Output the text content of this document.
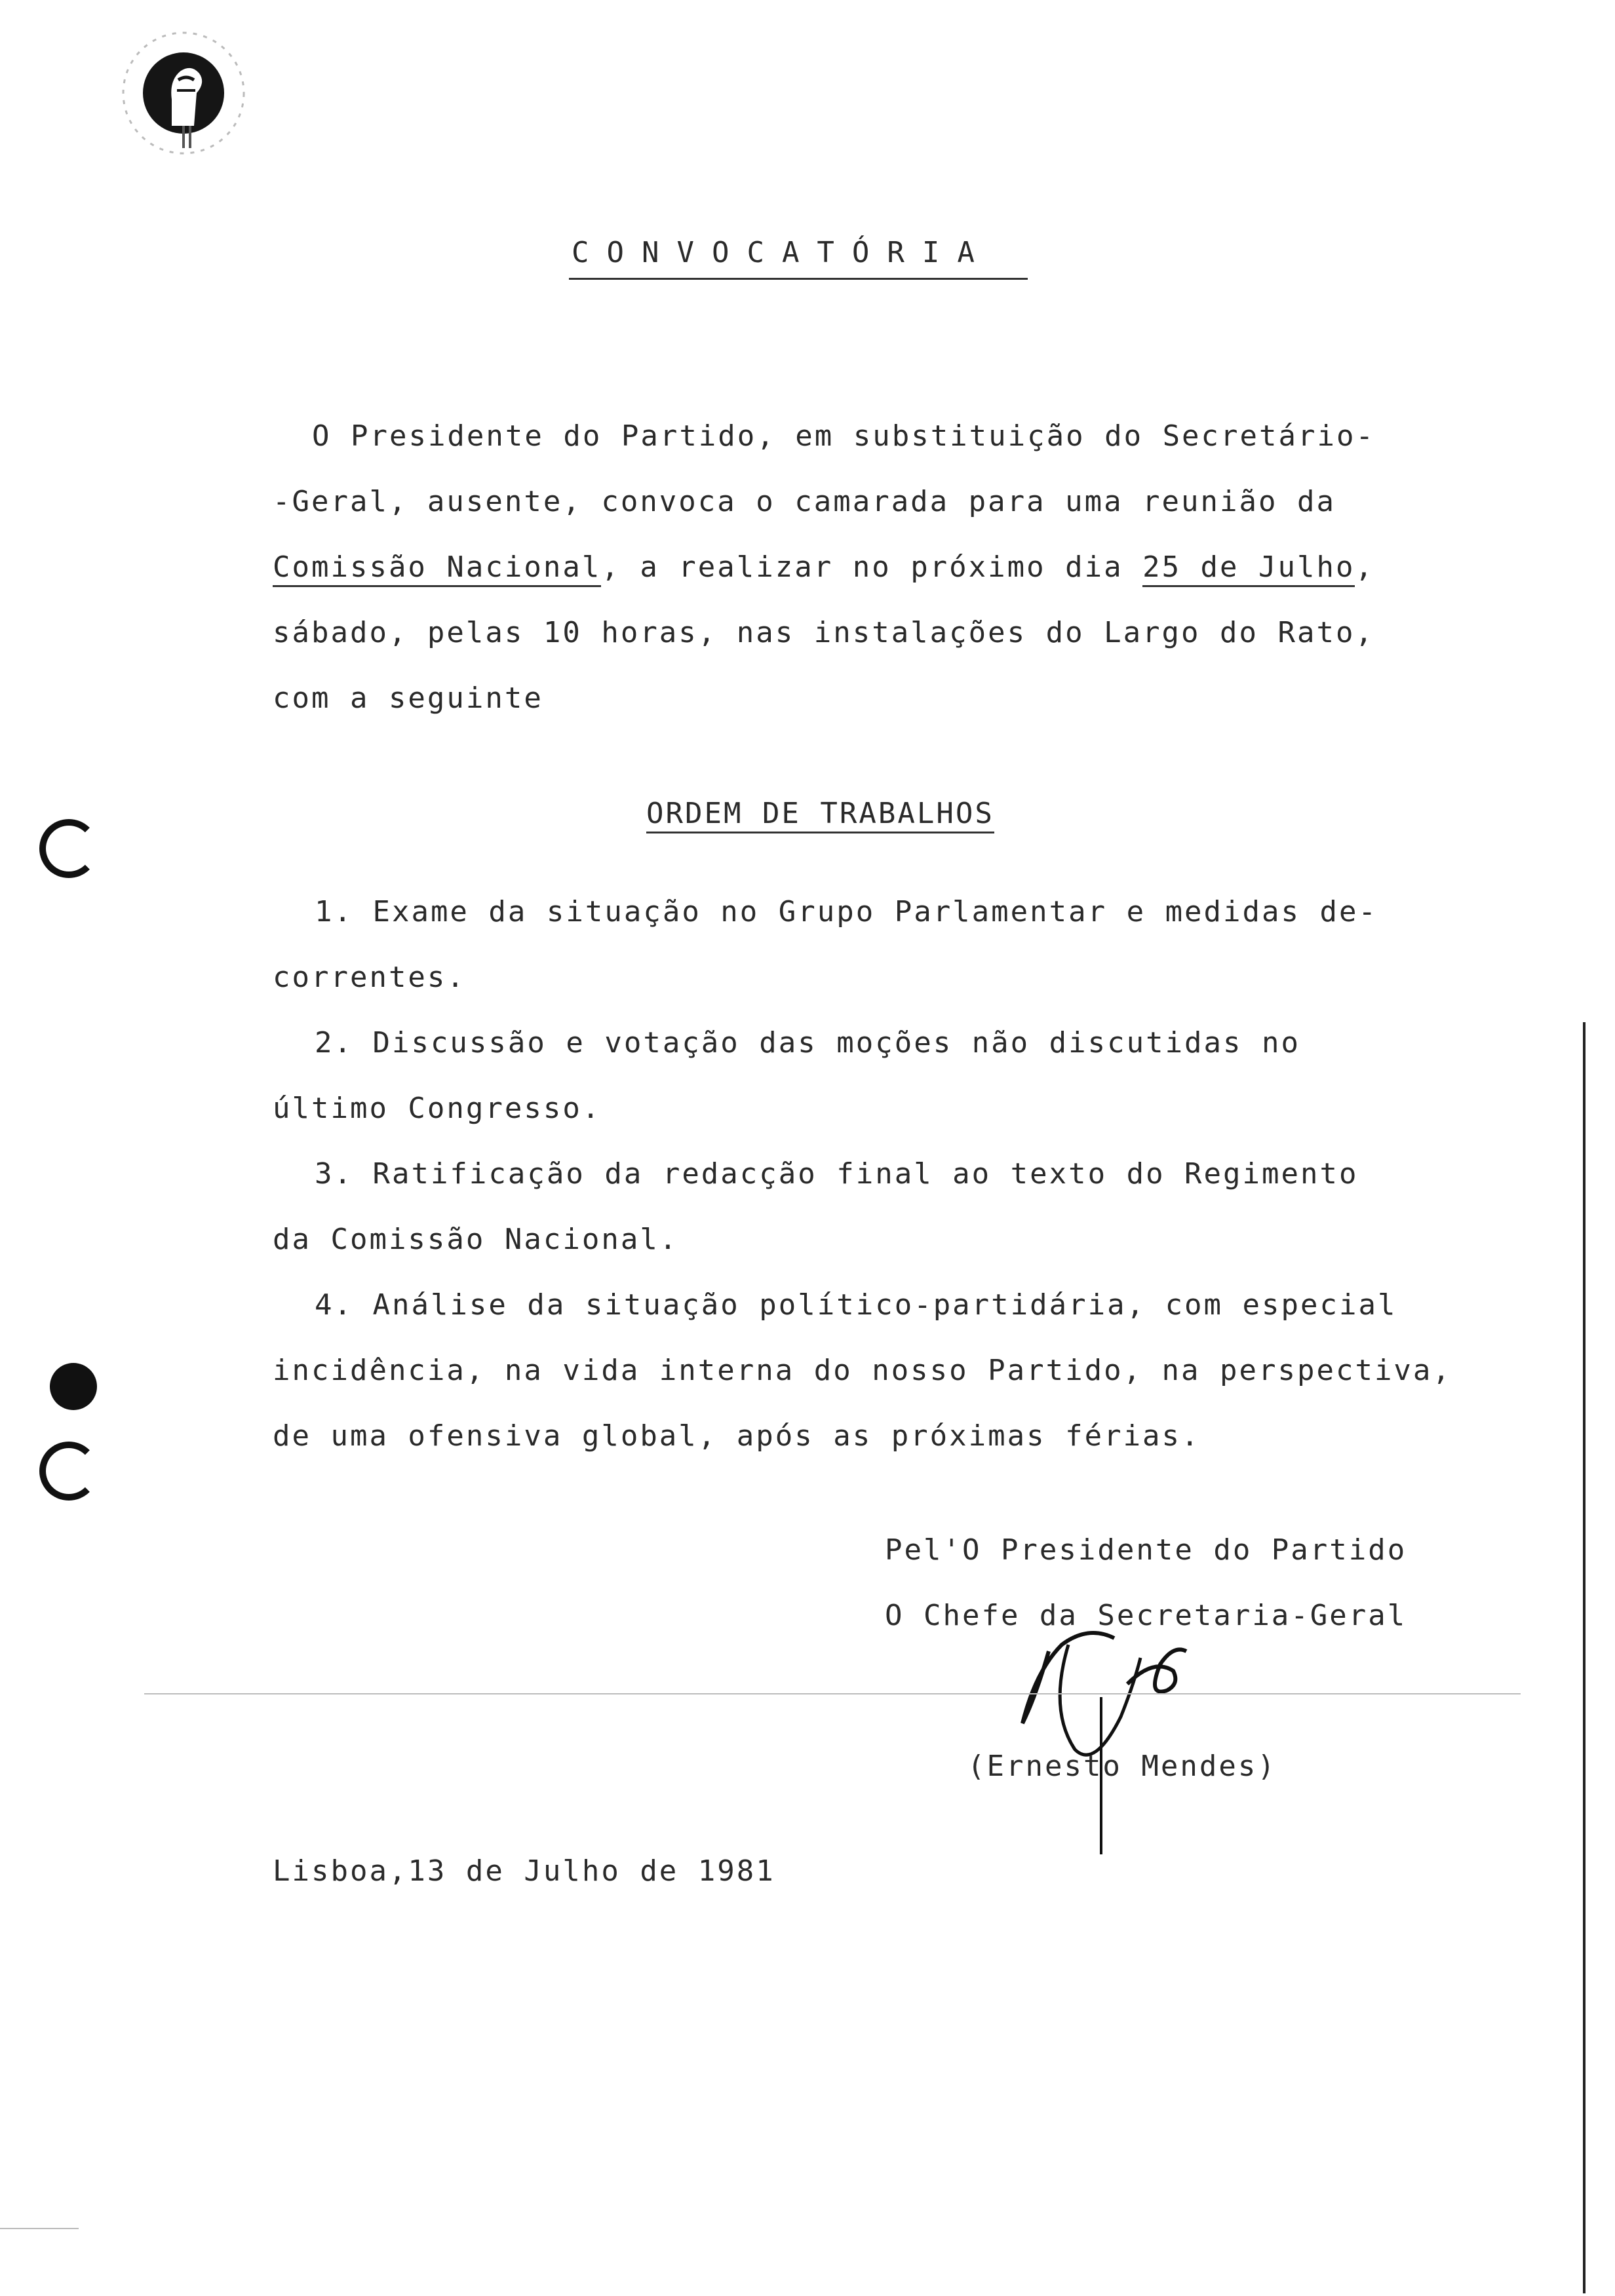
CONVOCATÓRIA
O Presidente do Partido, em substituição do Secretário-
-Geral, ausente, convoca o camarada para uma reunião da
Comissão Nacional, a realizar no próximo dia 25 de Julho,
sábado, pelas 10 horas, nas instalações do Largo do Rato,
com a seguinte
ORDEM DE TRABALHOS
1. Exame da situação no Grupo Parlamentar e medidas de-
correntes.
2. Discussão e votação das moções não discutidas no
último Congresso.
3. Ratificação da redacção final ao texto do Regimento
da Comissão Nacional.
4. Análise da situação político-partidária, com especial
incidência, na vida interna do nosso Partido, na perspectiva,
de uma ofensiva global, após as próximas férias.
Pel'O Presidente do Partido
O Chefe da Secretaria-Geral
(Ernesto Mendes)
Lisboa,13 de Julho de 1981
